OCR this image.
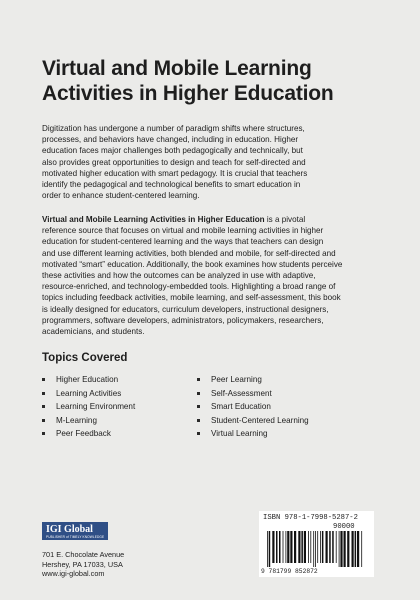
Virtual and Mobile Learning
Activities in Higher Education
Digitization has undergone a number of paradigm shifts where structures,
processes, and behaviors have changed, including in education. Higher
education faces major challenges both pedagogically and technically, but
also provides great opportunities to design and teach for self-directed and
motivated higher education with smart pedagogy. It is crucial that teachers
identify the pedagogical and technological benefits to smart education in
order to enhance student-centered learning.
Virtual and Mobile Learning Activities in Higher Education is a pivotal
reference source that focuses on virtual and mobile learning activities in higher
education for student-centered learning and the ways that teachers can design
and use different learning activities, both blended and mobile, for self-directed and
motivated “smart” education. Additionally, the book examines how students perceive
these activities and how the outcomes can be analyzed in use with adaptive,
resource-enriched, and technology-embedded tools. Highlighting a broad range of
topics including feedback activities, mobile learning, and self-assessment, this book
is ideally designed for educators, curriculum developers, instructional designers,
programmers, software developers, administrators, policymakers, researchers,
academicians, and students.
Topics Covered
Higher Education
Learning Activities
Learning Environment
M-Learning
Peer Feedback
Peer Learning
Self-Assessment
Smart Education
Student-Centered Learning
Virtual Learning
IGI Global
PUBLISHER of TIMELY KNOWLEDGE
701 E. Chocolate Avenue
Hershey, PA 17033, USA
www.igi-global.com
ISBN 978-1-7998-5287-2
90000
9 781799 852872
